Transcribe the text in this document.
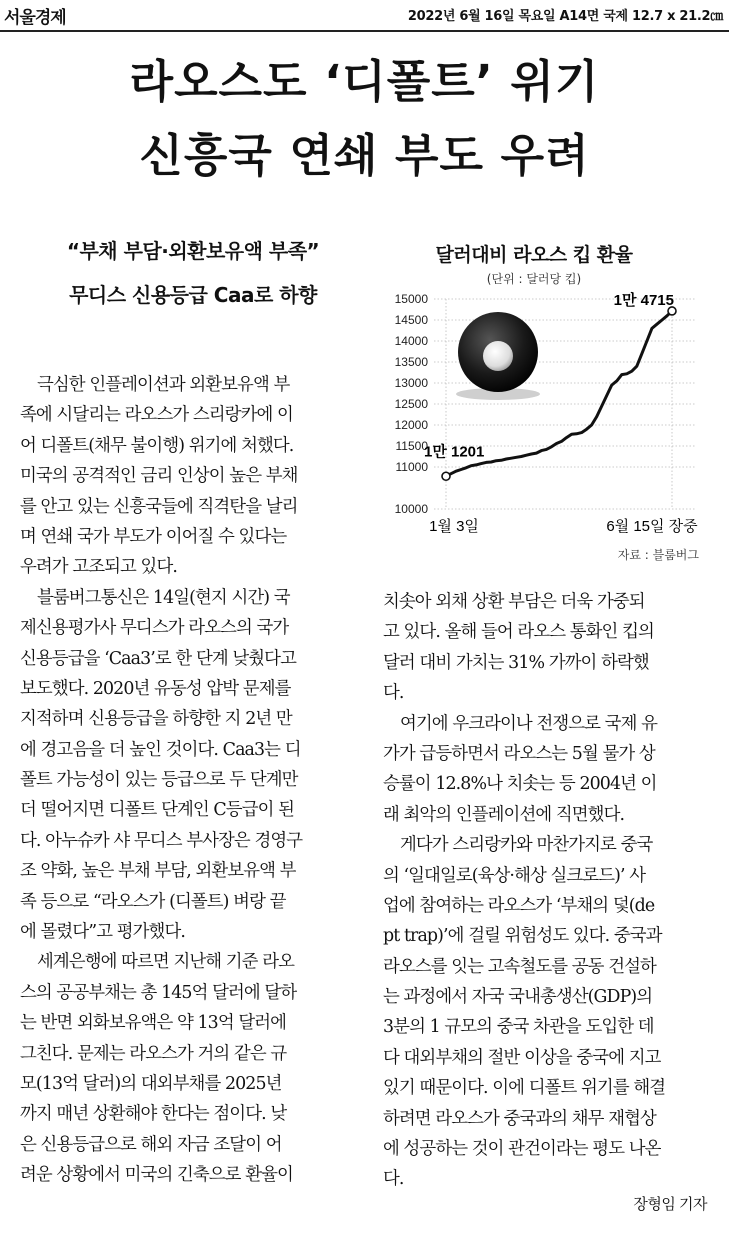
서울경제	2022년 6월 16일 목요일 A14면 국제 12.7 x 21.2㎝
라오스도 ‘디폴트’ 위기
신흥국 연쇄 부도 우려
“부채 부담·외환보유액 부족”
무디스 신용등급 Caa로 하향
달러대비 라오스 킵 환율
(단위 : 달러당 킵)
15000
14500
14000
13500
13000
12500
12000
11500
11000
10000
1만 1201
1만 4715
1월 3일	6월 15일 장중
자료 : 블룸버그
극심한 인플레이션과 외환보유액 부
족에 시달리는 라오스가 스리랑카에 이
어 디폴트(채무 불이행) 위기에 처했다.
미국의 공격적인 금리 인상이 높은 부채
를 안고 있는 신흥국들에 직격탄을 날리
며 연쇄 국가 부도가 이어질 수 있다는
우려가 고조되고 있다.
블룸버그통신은 14일(현지 시간) 국
제신용평가사 무디스가 라오스의 국가
신용등급을 ‘Caa3’로 한 단계 낮췄다고
보도했다. 2020년 유동성 압박 문제를
지적하며 신용등급을 하향한 지 2년 만
에 경고음을 더 높인 것이다. Caa3는 디
폴트 가능성이 있는 등급으로 두 단계만
더 떨어지면 디폴트 단계인 C등급이 된
다. 아누슈카 샤 무디스 부사장은 경영구
조 약화, 높은 부채 부담, 외환보유액 부
족 등으로 “라오스가 (디폴트) 벼랑 끝
에 몰렸다”고 평가했다.
세계은행에 따르면 지난해 기준 라오
스의 공공부채는 총 145억 달러에 달하
는 반면 외화보유액은 약 13억 달러에
그친다. 문제는 라오스가 거의 같은 규
모(13억 달러)의 대외부채를 2025년
까지 매년 상환해야 한다는 점이다. 낮
은 신용등급으로 해외 자금 조달이 어
려운 상황에서 미국의 긴축으로 환율이
치솟아 외채 상환 부담은 더욱 가중되
고 있다. 올해 들어 라오스 통화인 킵의
달러 대비 가치는 31% 가까이 하락했
다.
여기에 우크라이나 전쟁으로 국제 유
가가 급등하면서 라오스는 5월 물가 상
승률이 12.8%나 치솟는 등 2004년 이
래 최악의 인플레이션에 직면했다.
게다가 스리랑카와 마찬가지로 중국
의 ‘일대일로(육상·해상 실크로드)’ 사
업에 참여하는 라오스가 ‘부채의 덫(de
pt trap)’에 걸릴 위험성도 있다. 중국과
라오스를 잇는 고속철도를 공동 건설하
는 과정에서 자국 국내총생산(GDP)의
3분의 1 규모의 중국 차관을 도입한 데
다 대외부채의 절반 이상을 중국에 지고
있기 때문이다. 이에 디폴트 위기를 해결
하려면 라오스가 중국과의 채무 재협상
에 성공하는 것이 관건이라는 평도 나온
다.
장형임 기자
